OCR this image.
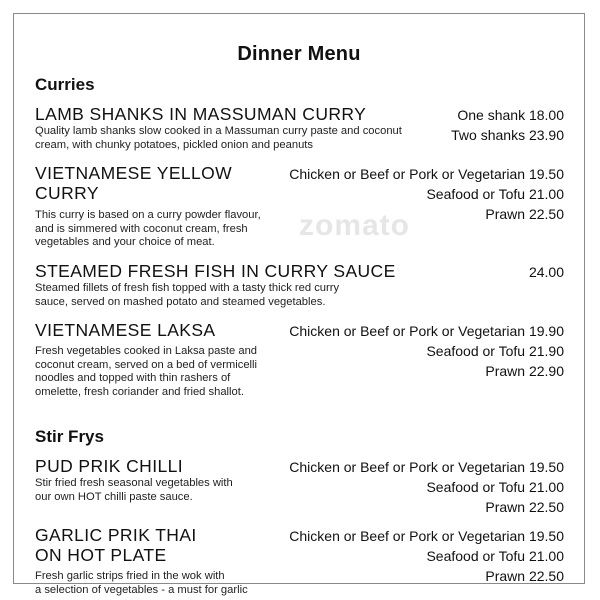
zomato
Dinner Menu
Curries
LAMB SHANKS IN MASSUMAN CURRY
Quality lamb shanks slow cooked in a Massuman curry paste and coconut
cream, with chunky potatoes, pickled onion and peanuts
One shank 18.00
Two shanks 23.90
VIETNAMESE YELLOW
CURRY
This curry is based on a curry powder flavour,
and is simmered with coconut cream, fresh
vegetables and your choice of meat.
Chicken or Beef or Pork or Vegetarian 19.50
Seafood or Tofu 21.00
Prawn 22.50
STEAMED FRESH FISH IN CURRY SAUCE
Steamed fillets of fresh fish topped with a tasty thick red curry
sauce, served on mashed potato and steamed vegetables.
24.00
VIETNAMESE LAKSA
Fresh vegetables cooked in Laksa paste and
coconut cream, served on a bed of vermicelli
noodles and topped with thin rashers of
omelette, fresh coriander and fried shallot.
Chicken or Beef or Pork or Vegetarian 19.90
Seafood or Tofu 21.90
Prawn 22.90
Stir Frys
PUD PRIK CHILLI
Stir fried fresh seasonal vegetables with
our own HOT chilli paste sauce.
Chicken or Beef or Pork or Vegetarian 19.50
Seafood or Tofu 21.00
Prawn 22.50
GARLIC PRIK THAI
ON HOT PLATE
Fresh garlic strips fried in the wok with
a selection of vegetables - a must for garlic
Chicken or Beef or Pork or Vegetarian 19.50
Seafood or Tofu 21.00
Prawn 22.50
